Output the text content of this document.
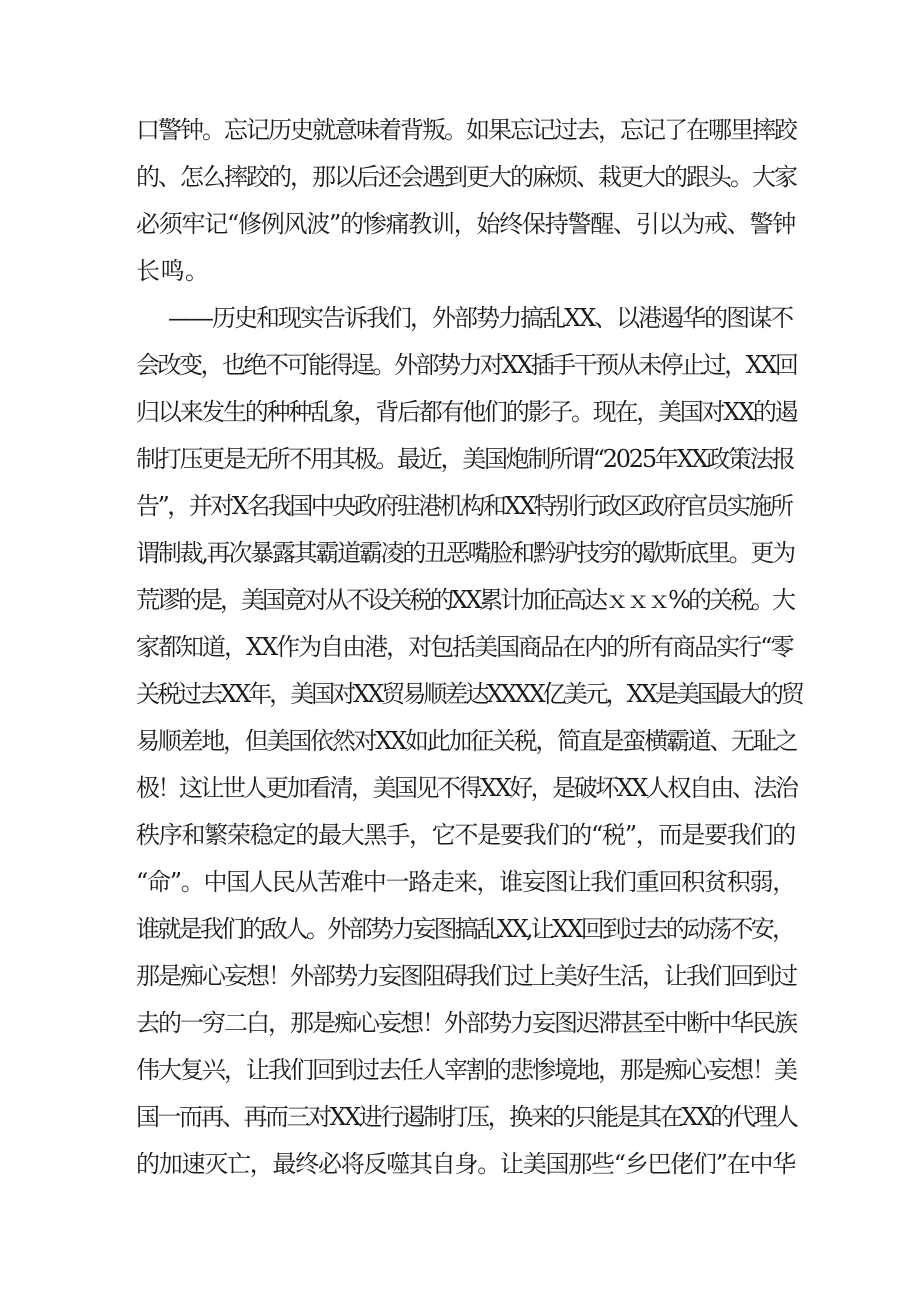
口警钟。忘记历史就意味着背叛。如果忘记过去，忘记了在哪里摔跤
的、怎么摔跤的，那以后还会遇到更大的麻烦、栽更大的跟头。大家
必须牢记“修例风波”的惨痛教训，始终保持警醒、引以为戒、警钟
长鸣。
——历史和现实告诉我们，外部势力搞乱XX、以港遏华的图谋不
会改变，也绝不可能得逞。外部势力对XX插手干预从未停止过，XX回
归以来发生的种种乱象，背后都有他们的影子。现在，美国对XX的遏
制打压更是无所不用其极。最近，美国炮制所谓“2025年XX政策法报
告”，并对X名我国中央政府驻港机构和XX特别行政区政府官员实施所
谓制裁,再次暴露其霸道霸凌的丑恶嘴脸和黔驴技穷的歇斯底里。更为
荒谬的是，美国竟对从不设关税的XX累计加征高达ｘｘｘ%的关税。大
家都知道，XX作为自由港，对包括美国商品在内的所有商品实行“零
关税过去XX年，美国对XX贸易顺差达XXXX亿美元，XX是美国最大的贸
易顺差地，但美国依然对XX如此加征关税，简直是蛮横霸道、无耻之
极！这让世人更加看清，美国见不得XX好，是破坏XX人权自由、法治
秩序和繁荣稳定的最大黑手，它不是要我们的“税”，而是要我们的
“命”。中国人民从苦难中一路走来，谁妄图让我们重回积贫积弱，
谁就是我们的敌人。外部势力妄图搞乱XX,让XX回到过去的动荡不安，
那是痴心妄想！外部势力妄图阻碍我们过上美好生活，让我们回到过
去的一穷二白，那是痴心妄想！外部势力妄图迟滞甚至中断中华民族
伟大复兴，让我们回到过去任人宰割的悲惨境地，那是痴心妄想！美
国一而再、再而三对XX进行遏制打压，换来的只能是其在XX的代理人
的加速灭亡，最终必将反噬其自身。让美国那些“乡巴佬们”在中华
